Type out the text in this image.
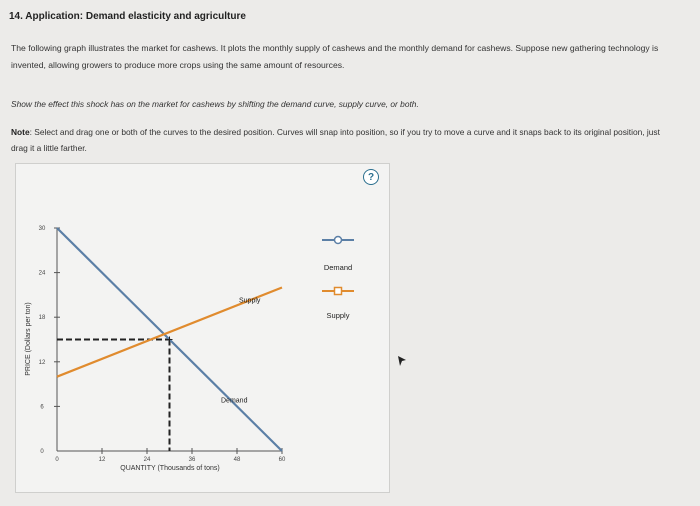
14. Application: Demand elasticity and agriculture
The following graph illustrates the market for cashews. It plots the monthly supply of cashews and the monthly demand for cashews. Suppose new gathering technology is invented, allowing growers to produce more crops using the same amount of resources.
Show the effect this shock has on the market for cashews by shifting the demand curve, supply curve, or both.
Note: Select and drag one or both of the curves to the desired position. Curves will snap into position, so if you try to move a curve and it snaps back to its original position, just drag it a little farther.
?
0
6
12
18
24
30
0	12	24	36	48	60
PRICE (Dollars per ton)
QUANTITY (Thousands of tons)
Demand
Supply
Demand
Supply
